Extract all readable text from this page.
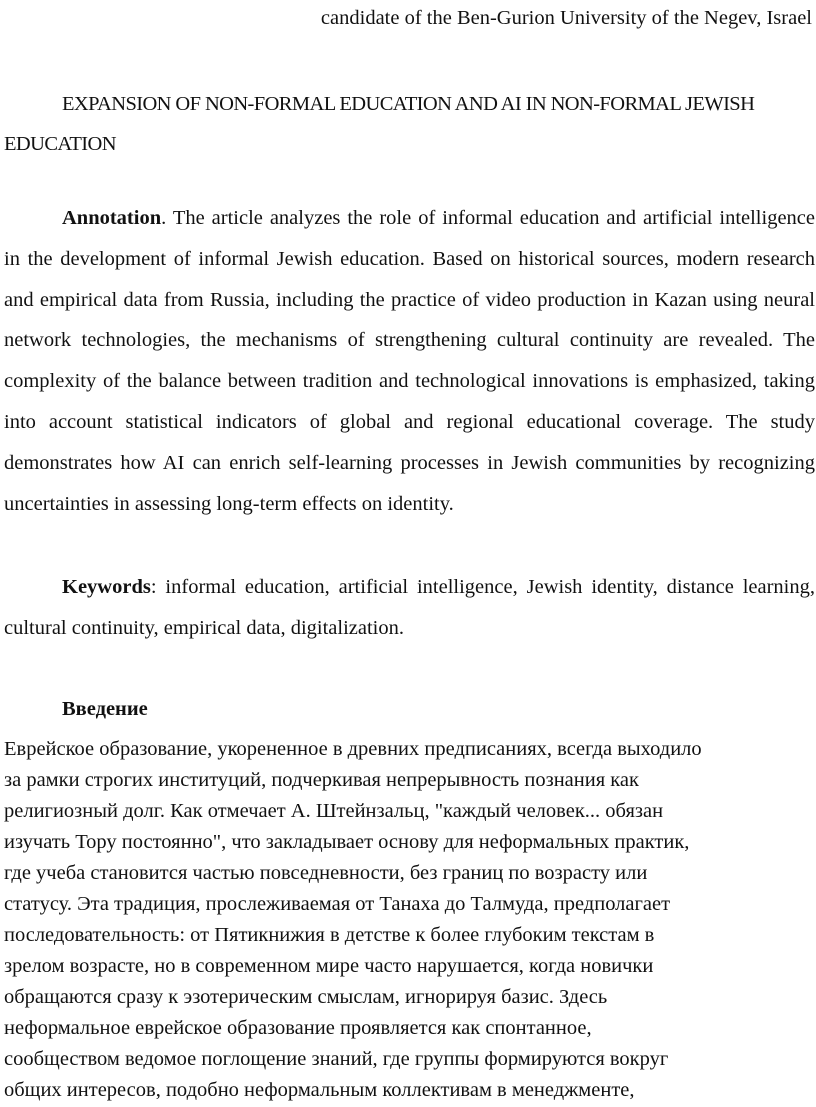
candidate of the Ben-Gurion University of the Negev, Israel
EXPANSION OF NON-FORMAL EDUCATION AND AI IN NON-FORMAL JEWISH EDUCATION

Annotation. The article analyzes the role of informal education and artificial intelligence in the development of informal Jewish education. Based on historical sources, modern research and empirical data from Russia, including the practice of video production in Kazan using neural network technologies, the mechanisms of strengthening cultural continuity are revealed. The complexity of the balance between tradition and technological innovations is emphasized, taking into account statistical indicators of global and regional educational coverage. The study demonstrates how AI can enrich self-learning processes in Jewish communities by recognizing uncertainties in assessing long-term effects on identity.

Keywords: informal education, artificial intelligence, Jewish identity, distance learning, cultural continuity, empirical data, digitalization.

Введение

Еврейское образование, укорененное в древних предписаниях, всегда выходило
за рамки строгих институций, подчеркивая непрерывность познания как
религиозный долг. Как отмечает А. Штейнзальц, "каждый человек... обязан
изучать Тору постоянно", что закладывает основу для неформальных практик,
где учеба становится частью повседневности, без границ по возрасту или
статусу. Эта традиция, прослеживаемая от Танаха до Талмуда, предполагает
последовательность: от Пятикнижия в детстве к более глубоким текстам в
зрелом возрасте, но в современном мире часто нарушается, когда новички
обращаются сразу к эзотерическим смыслам, игнорируя базис. Здесь
неформальное еврейское образование проявляется как спонтанное,
сообществом ведомое поглощение знаний, где группы формируются вокруг
общих интересов, подобно неформальным коллективам в менеджменте,
